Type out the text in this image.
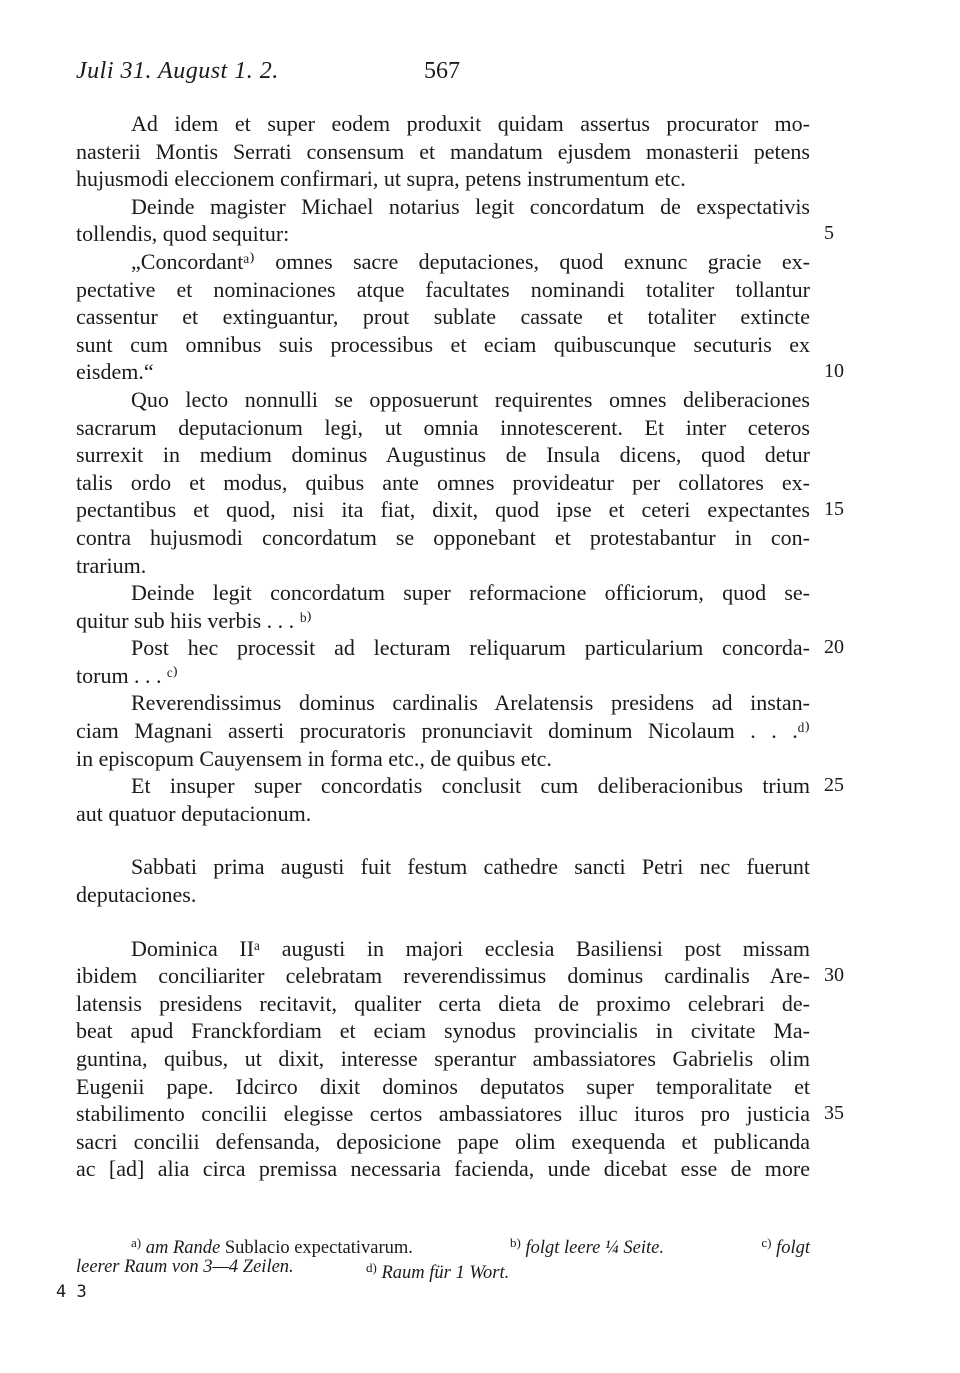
Juli 31. August 1. 2.	567
Ad idem et super eodem produxit quidam assertus procurator mo-
nasterii Montis Serrati consensum et mandatum ejusdem monasterii petens
hujusmodi eleccionem confirmari, ut supra, petens instrumentum etc.
Deinde magister Michael notarius legit concordatum de exspectativis
tollendis, quod sequitur:	5
„Concordantᵃ⁾ omnes sacre deputaciones, quod exnunc gracie ex-
pectative et nominaciones atque facultates nominandi totaliter tollantur
cassentur et extinguantur, prout sublate cassate et totaliter extincte
sunt cum omnibus suis processibus et eciam quibuscunque secuturis ex
eisdem.“	10
Quo lecto nonnulli se opposuerunt requirentes omnes deliberaciones
sacrarum deputacionum legi, ut omnia innotescerent. Et inter ceteros
surrexit in medium dominus Augustinus de Insula dicens, quod detur
talis ordo et modus, quibus ante omnes provideatur per collatores ex-
pectantibus et quod, nisi ita fiat, dixit, quod ipse et ceteri expectantes 15
contra hujusmodi concordatum se opponebant et protestabantur in con-
trarium.
Deinde legit concordatum super reformacione officiorum, quod se-
quitur sub hiis verbis . . . ᵇ⁾
Post hec processit ad lecturam reliquarum particularium concorda- 20
torum . . . ᶜ⁾
Reverendissimus dominus cardinalis Arelatensis presidens ad instan-
ciam Magnani asserti procuratoris pronunciavit dominum Nicolaum . . .ᵈ⁾
in episcopum Cauyensem in forma etc., de quibus etc.
Et insuper super concordatis conclusit cum deliberacionibus trium 25
aut quatuor deputacionum.
Sabbati prima augusti fuit festum cathedre sancti Petri nec fuerunt
deputaciones.
Dominica IIᵃ augusti in majori ecclesia Basiliensi post missam
ibidem conciliariter celebratam reverendissimus dominus cardinalis Are- 30
latensis presidens recitavit, qualiter certa dieta de proximo celebrari de-
beat apud Franckfordiam et eciam synodus provincialis in civitate Ma-
guntina, quibus, ut dixit, interesse sperantur ambassiatores Gabrielis olim
Eugenii pape. Idcirco dixit dominos deputatos super temporalitate et
stabilimento concilii elegisse certos ambassiatores illuc ituros pro justicia 35
sacri concilii defensanda, deposicione pape olim exequenda et publicanda
ac [ad] alia circa premissa necessaria facienda, unde dicebat esse de more
$^{a)}$ am Rande Sublacio expectativarum.	$^{b)}$ folgt leere ¼ Seite.	$^{c)}$ folgt
leerer Raum von 3—4 Zeilen.	$^{d)}$ Raum für 1 Wort.
4 3
